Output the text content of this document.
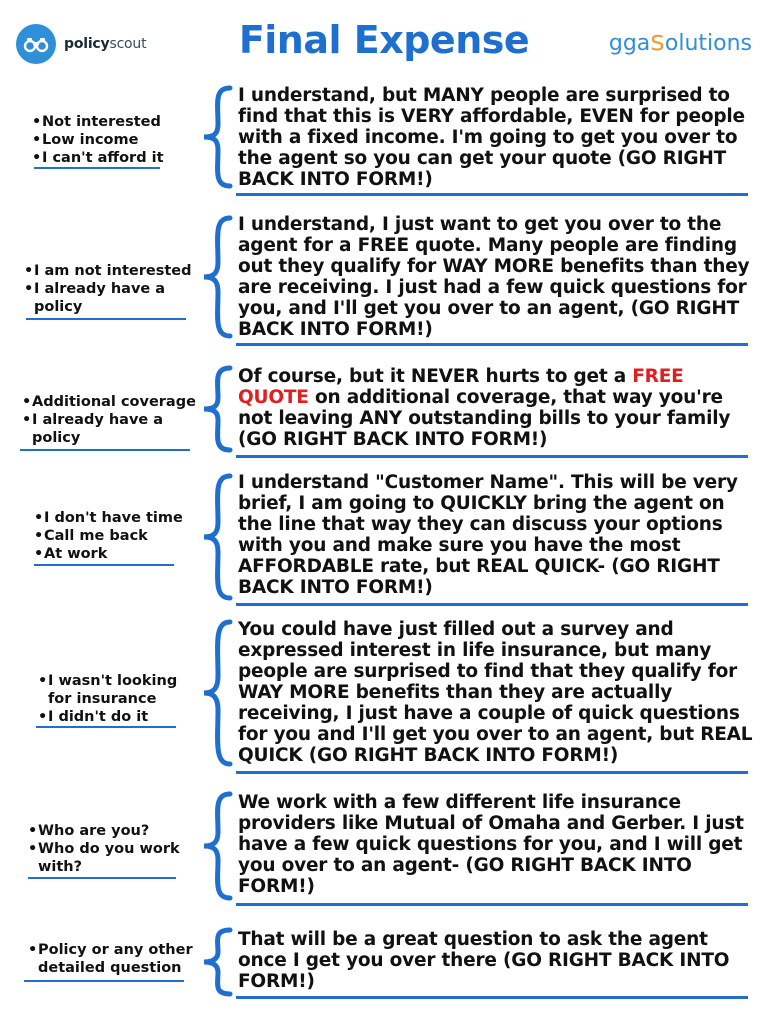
policyscout	Final Expense	ggasolutions
• Not interested
• Low income
• I can't afford it
I understand, but MANY people are surprised to find that this is VERY affordable, EVEN for people with a fixed income. I'm going to get you over to the agent so you can get your quote (GO RIGHT BACK INTO FORM!)
• I am not interested
• I already have a policy
I understand, I just want to get you over to the agent for a FREE quote. Many people are finding out they qualify for WAY MORE benefits than they are receiving. I just had a few quick questions for you, and I'll get you over to an agent, (GO RIGHT BACK INTO FORM!)
• Additional coverage
• I already have a policy
Of course, but it NEVER hurts to get a FREE QUOTE on additional coverage, that way you're not leaving ANY outstanding bills to your family (GO RIGHT BACK INTO FORM!)
• I don't have time
• Call me back
• At work
I understand "Customer Name". This will be very brief, I am going to QUICKLY bring the agent on the line that way they can discuss your options with you and make sure you have the most AFFORDABLE rate, but REAL QUICK- (GO RIGHT BACK INTO FORM!)
• I wasn't looking for insurance
• I didn't do it
You could have just filled out a survey and expressed interest in life insurance, but many people are surprised to find that they qualify for WAY MORE benefits than they are actually receiving, I just have a couple of quick questions for you and I'll get you over to an agent, but REAL QUICK (GO RIGHT BACK INTO FORM!)
• Who are you?
• Who do you work with?
We work with a few different life insurance providers like Mutual of Omaha and Gerber. I just have a few quick questions for you, and I will get you over to an agent- (GO RIGHT BACK INTO FORM!)
• Policy or any other detailed question
That will be a great question to ask the agent once I get you over there (GO RIGHT BACK INTO FORM!)
